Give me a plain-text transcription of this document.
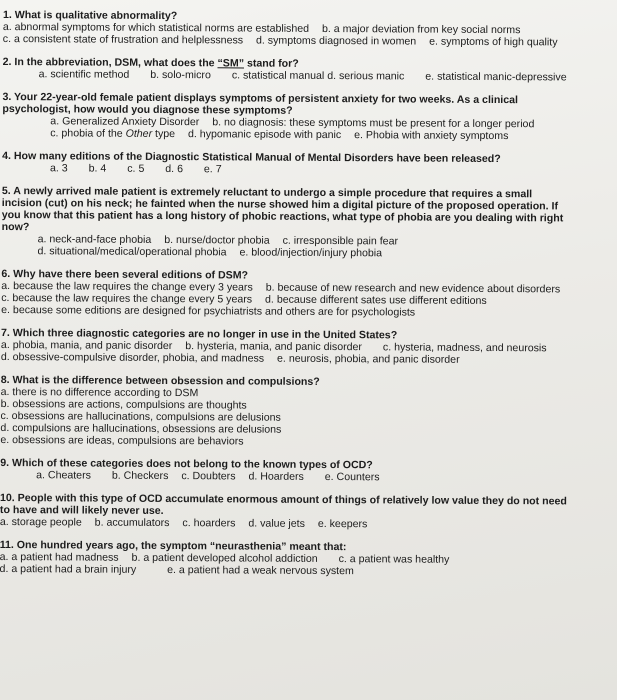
1. What is qualitative abnormality?
a. abnormal symptoms for which statistical norms are established b. a major deviation from key social norms
c. a consistent state of frustration and helplessness d. symptoms diagnosed in women e. symptoms of high quality
2. In the abbreviation, DSM, what does the “SM” stand for?
a. scientific method b. solo-micro c. statistical manual d. serious manic e. statistical manic-depressive
3. Your 22-year-old female patient displays symptoms of persistent anxiety for two weeks. As a clinical
psychologist, how would you diagnose these symptoms?
a. Generalized Anxiety Disorder b. no diagnosis: these symptoms must be present for a longer period
c. phobia of the Other type d. hypomanic episode with panic e. Phobia with anxiety symptoms
4. How many editions of the Diagnostic Statistical Manual of Mental Disorders have been released?
a. 3 b. 4 c. 5 d. 6 e. 7
5. A newly arrived male patient is extremely reluctant to undergo a simple procedure that requires a small
incision (cut) on his neck; he fainted when the nurse showed him a digital picture of the proposed operation. If
you know that this patient has a long history of phobic reactions, what type of phobia are you dealing with right
now?
a. neck-and-face phobia b. nurse/doctor phobia c. irresponsible pain fear
d. situational/medical/operational phobia e. blood/injection/injury phobia
6. Why have there been several editions of DSM?
a. because the law requires the change every 3 years b. because of new research and new evidence about disorders
c. because the law requires the change every 5 years d. because different sates use different editions
e. because some editions are designed for psychiatrists and others are for psychologists
7. Which three diagnostic categories are no longer in use in the United States?
a. phobia, mania, and panic disorder b. hysteria, mania, and panic disorder c. hysteria, madness, and neurosis
d. obsessive-compulsive disorder, phobia, and madness e. neurosis, phobia, and panic disorder
8. What is the difference between obsession and compulsions?
a. there is no difference according to DSM
b. obsessions are actions, compulsions are thoughts
c. obsessions are hallucinations, compulsions are delusions
d. compulsions are hallucinations, obsessions are delusions
e. obsessions are ideas, compulsions are behaviors
9. Which of these categories does not belong to the known types of OCD?
a. Cheaters b. Checkers c. Doubters d. Hoarders e. Counters
10. People with this type of OCD accumulate enormous amount of things of relatively low value they do not need
to have and will likely never use.
a. storage people b. accumulators c. hoarders d. value jets e. keepers
11. One hundred years ago, the symptom “neurasthenia” meant that:
a. a patient had madness b. a patient developed alcohol addiction c. a patient was healthy
d. a patient had a brain injury	e. a patient had a weak nervous system
